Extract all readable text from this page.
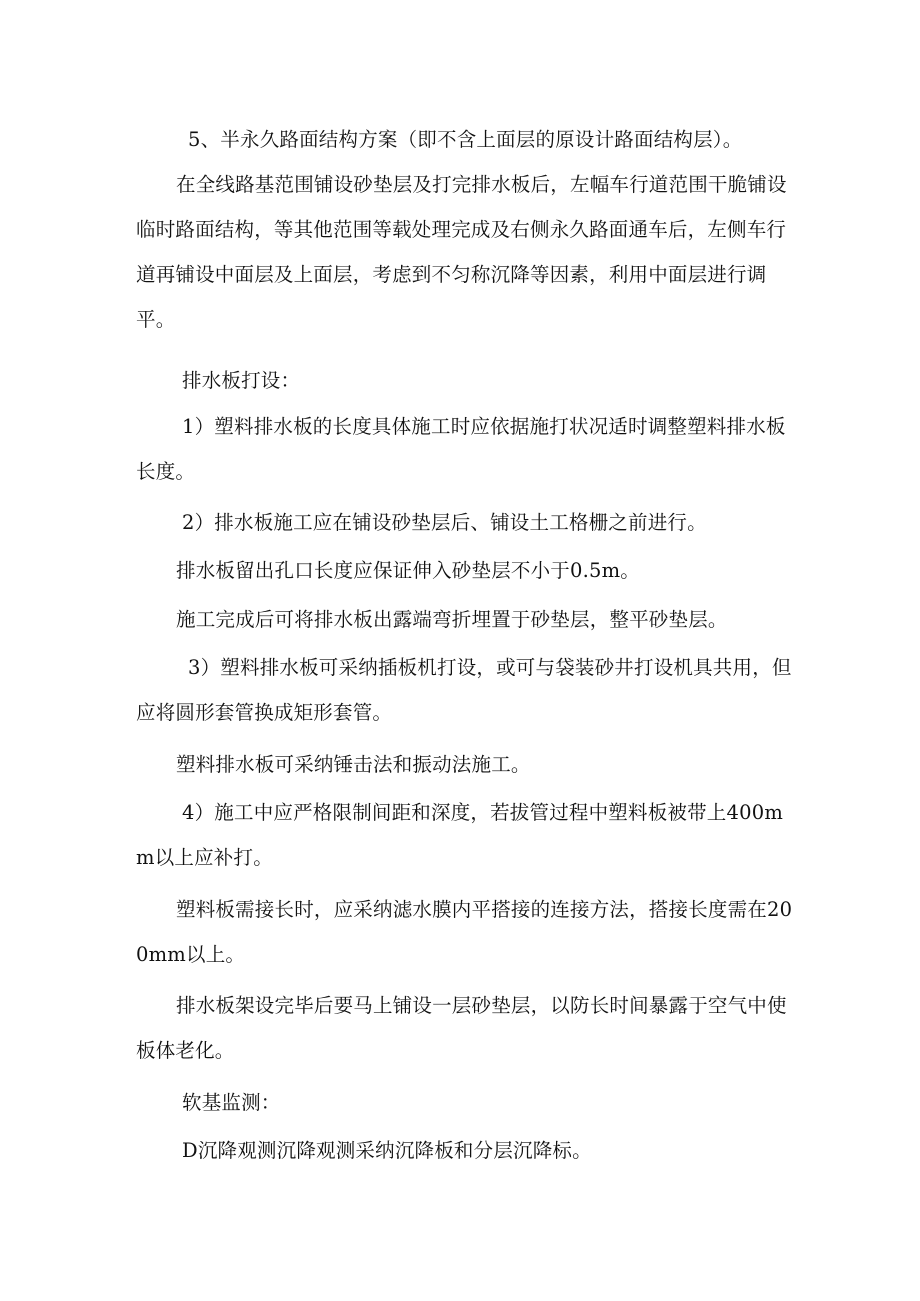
5、半永久路面结构方案（即不含上面层的原设计路面结构层）。

在全线路基范围铺设砂垫层及打完排水板后，左幅车行道范围干脆铺设临时路面结构，等其他范围等载处理完成及右侧永久路面通车后，左侧车行道再铺设中面层及上面层，考虑到不匀称沉降等因素，利用中面层进行调平。

排水板打设：

1）塑料排水板的长度具体施工时应依据施打状况适时调整塑料排水板长度。

2）排水板施工应在铺设砂垫层后、铺设土工格栅之前进行。

排水板留出孔口长度应保证伸入砂垫层不小于0.5m。

施工完成后可将排水板出露端弯折埋置于砂垫层，整平砂垫层。

3）塑料排水板可采纳插板机打设，或可与袋装砂井打设机具共用，但应将圆形套管换成矩形套管。

塑料排水板可采纳锤击法和振动法施工。

4）施工中应严格限制间距和深度，若拔管过程中塑料板被带上400mm以上应补打。

塑料板需接长时，应采纳滤水膜内平搭接的连接方法，搭接长度需在200mm以上。

排水板架设完毕后要马上铺设一层砂垫层，以防长时间暴露于空气中使板体老化。

软基监测：

D沉降观测沉降观测采纳沉降板和分层沉降标。
